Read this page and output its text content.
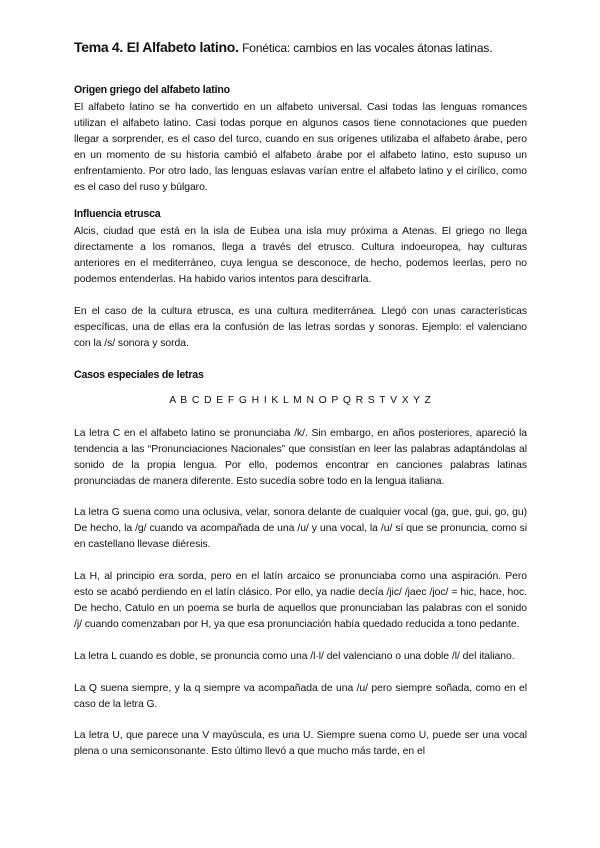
Tema 4. El Alfabeto latino. Fonética: cambios en las vocales átonas latinas.
Origen griego del alfabeto latino

El alfabeto latino se ha convertido en un alfabeto universal. Casi todas las lenguas romances utilizan el alfabeto latino. Casi todas porque en algunos casos tiene connotaciones que pueden llegar a sorprender, es el caso del turco, cuando en sus orígenes utilizaba el alfabeto árabe, pero en un momento de su historia cambió el alfabeto árabe por el alfabeto latino, esto supuso un enfrentamiento. Por otro lado, las lenguas eslavas varían entre el alfabeto latino y el cirílico, como es el caso del ruso y búlgaro.

Influencia etrusca

Alcis, ciudad que está en la isla de Eubea una isla muy próxima a Atenas. El griego no llega directamente a los romanos, llega a través del etrusco. Cultura indoeuropea, hay culturas anteriores en el mediterráneo, cuya lengua se desconoce, de hecho, podemos leerlas, pero no podemos entenderlas. Ha habido varios intentos para descifrarla.

En el caso de la cultura etrusca, es una cultura mediterránea. Llegó con unas características específicas, una de ellas era la confusión de las letras sordas y sonoras. Ejemplo: el valenciano con la /s/ sonora y sorda.

Casos especiales de letras
A B C D E F G H I K L M N O P Q R S T V X Y Z

La letra C en el alfabeto latino se pronunciaba /k/. Sin embargo, en años posteriores, apareció la tendencia a las “Pronunciaciones Nacionales” que consistían en leer las palabras adaptándolas al sonido de la propia lengua. Por ello, podemos encontrar en canciones palabras latinas pronunciadas de manera diferente. Esto sucedía sobre todo en la lengua italiana.

La letra G suena como una oclusiva, velar, sonora delante de cualquier vocal (ga, gue, gui, go, gu) De hecho, la /g/ cuando va acompañada de una /u/ y una vocal, la /u/ sí que se pronuncia, como si en castellano llevase diéresis.

La H, al principio era sorda, pero en el latín arcaico se pronunciaba como una aspiración. Pero esto se acabó perdiendo en el latín clásico. Por ello, ya nadie decía /jic/ /jaec /joc/ = hic, hace, hoc. De hecho, Catulo en un poema se burla de aquellos que pronunciaban las palabras con el sonido /j/ cuando comenzaban por H, ya que esa pronunciación había quedado reducida a tono pedante.

La letra L cuando es doble, se pronuncia como una /l·l/ del valenciano o una doble /l/ del italiano.

La Q suena siempre, y la q siempre va acompañada de una /u/ pero siempre soñada, como en el caso de la letra G.

La letra U, que parece una V mayúscula, es una U. Siempre suena como U, puede ser una vocal plena o una semiconsonante. Esto último llevó a que mucho más tarde, en el
